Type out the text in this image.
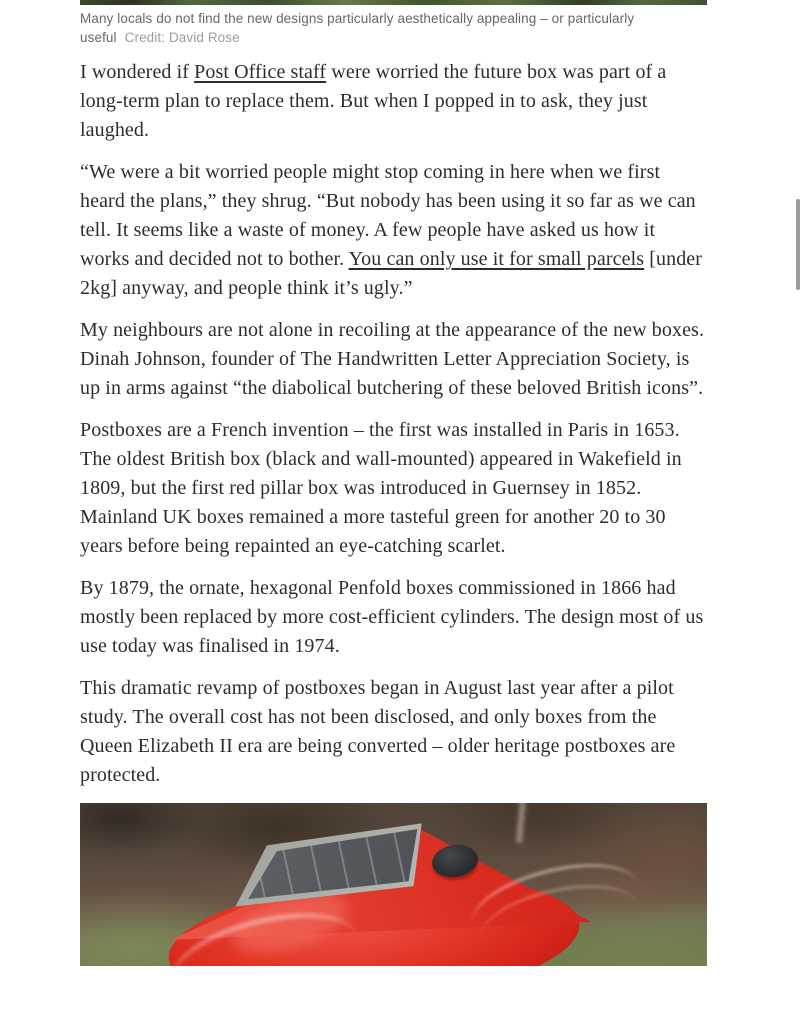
Many locals do not find the new designs particularly aesthetically appealing – or particularly useful Credit: David Rose

I wondered if Post Office staff were worried the future box was part of a long-term plan to replace them. But when I popped in to ask, they just laughed.

“We were a bit worried people might stop coming in here when we first heard the plans,” they shrug. “But nobody has been using it so far as we can tell. It seems like a waste of money. A few people have asked us how it works and decided not to bother. You can only use it for small parcels [under 2kg] anyway, and people think it’s ugly.”

My neighbours are not alone in recoiling at the appearance of the new boxes. Dinah Johnson, founder of The Handwritten Letter Appreciation Society, is up in arms against “the diabolical butchering of these beloved British icons”.

Postboxes are a French invention – the first was installed in Paris in 1653. The oldest British box (black and wall-mounted) appeared in Wakefield in 1809, but the first red pillar box was introduced in Guernsey in 1852. Mainland UK boxes remained a more tasteful green for another 20 to 30 years before being repainted an eye-catching scarlet.

By 1879, the ornate, hexagonal Penfold boxes commissioned in 1866 had mostly been replaced by more cost-efficient cylinders. The design most of us use today was finalised in 1974.

This dramatic revamp of postboxes began in August last year after a pilot study. The overall cost has not been disclosed, and only boxes from the Queen Elizabeth II era are being converted – older heritage postboxes are protected.
